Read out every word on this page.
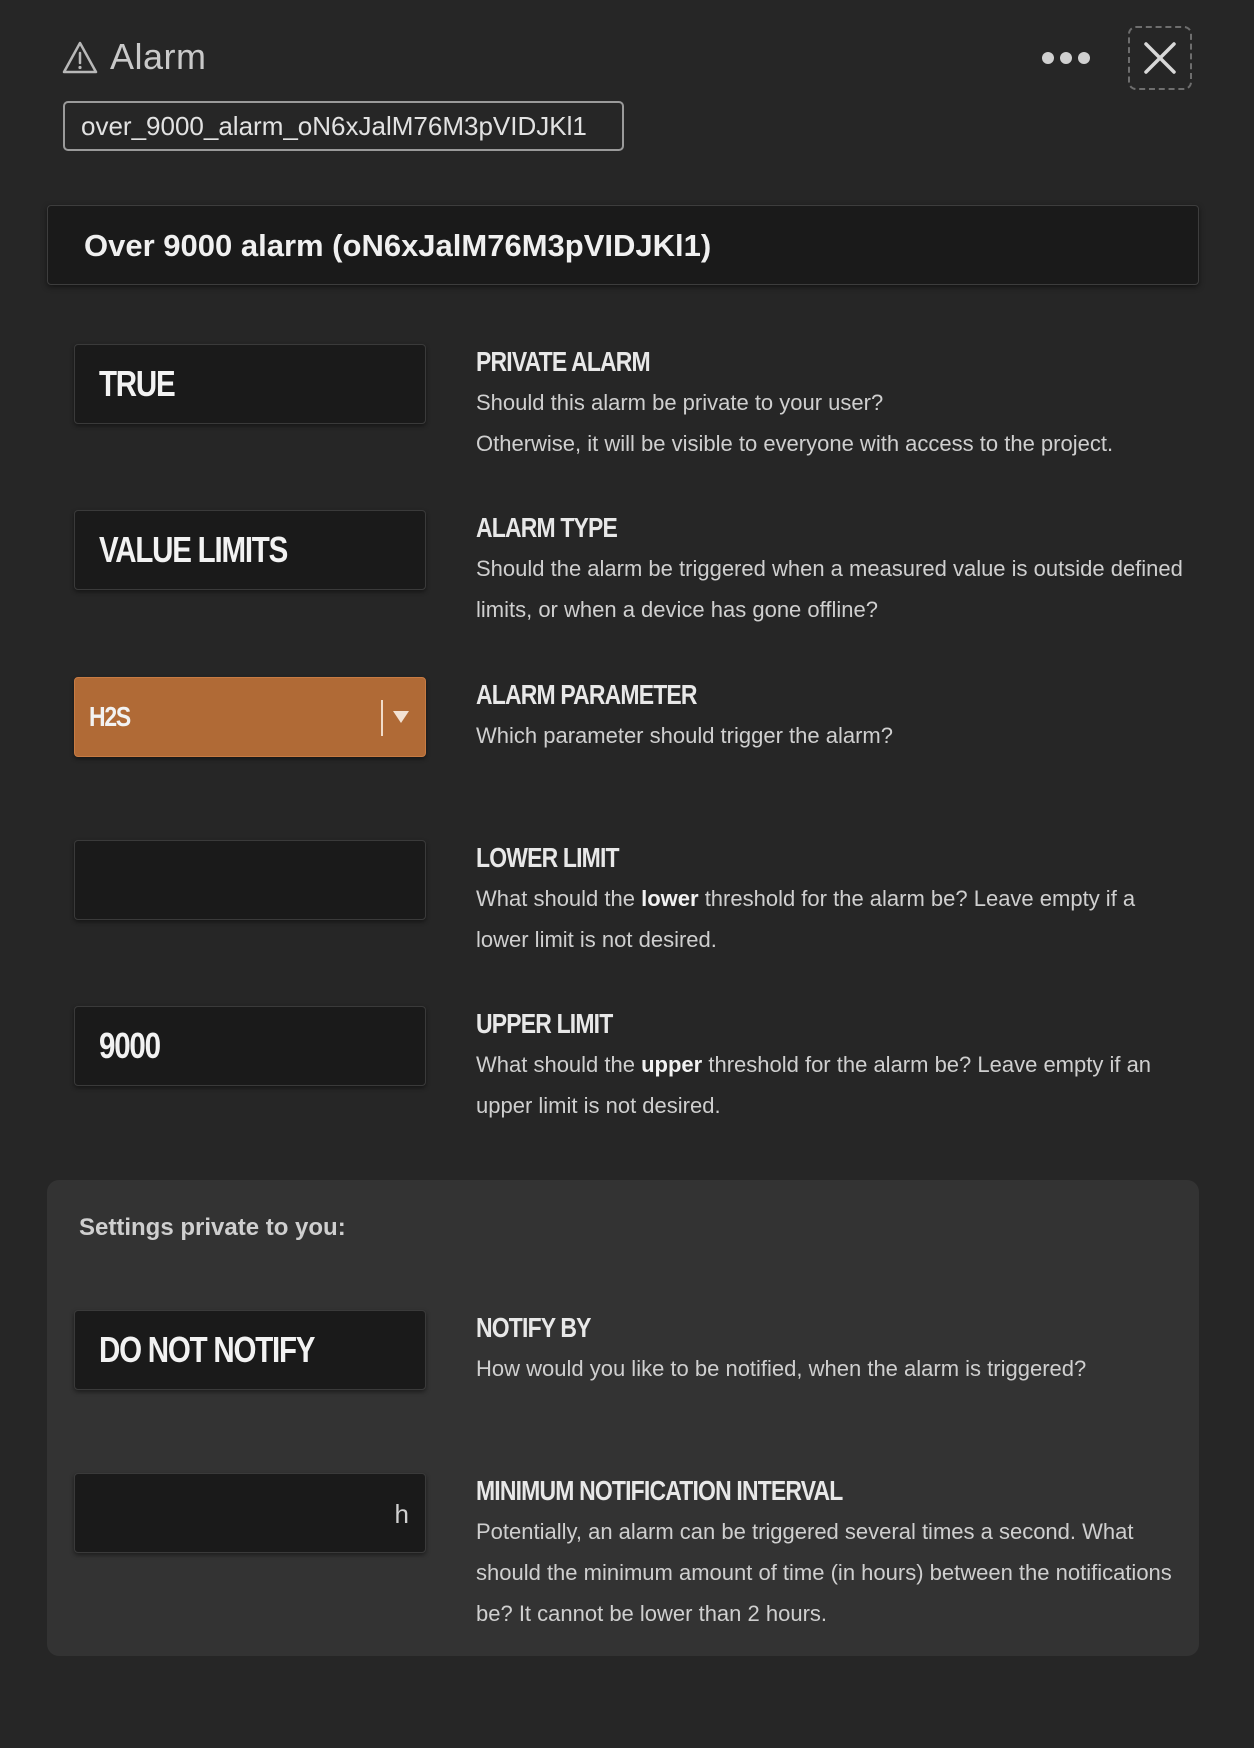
Alarm
over_9000_alarm_oN6xJalM76M3pVIDJKl1
Over 9000 alarm (oN6xJalM76M3pVIDJKl1)
TRUE
PRIVATE ALARM
Should this alarm be private to your user?
Otherwise, it will be visible to everyone with access to the project.
VALUE LIMITS
ALARM TYPE
Should the alarm be triggered when a measured value is outside defined limits, or when a device has gone offline?
H2S
ALARM PARAMETER
Which parameter should trigger the alarm?
LOWER LIMIT
What should the lower threshold for the alarm be? Leave empty if a lower limit is not desired.
9000
UPPER LIMIT
What should the upper threshold for the alarm be? Leave empty if an upper limit is not desired.
Settings private to you:
DO NOT NOTIFY
NOTIFY BY
How would you like to be notified, when the alarm is triggered?
h
MINIMUM NOTIFICATION INTERVAL
Potentially, an alarm can be triggered several times a second. What should the minimum amount of time (in hours) between the notifications be? It cannot be lower than 2 hours.
